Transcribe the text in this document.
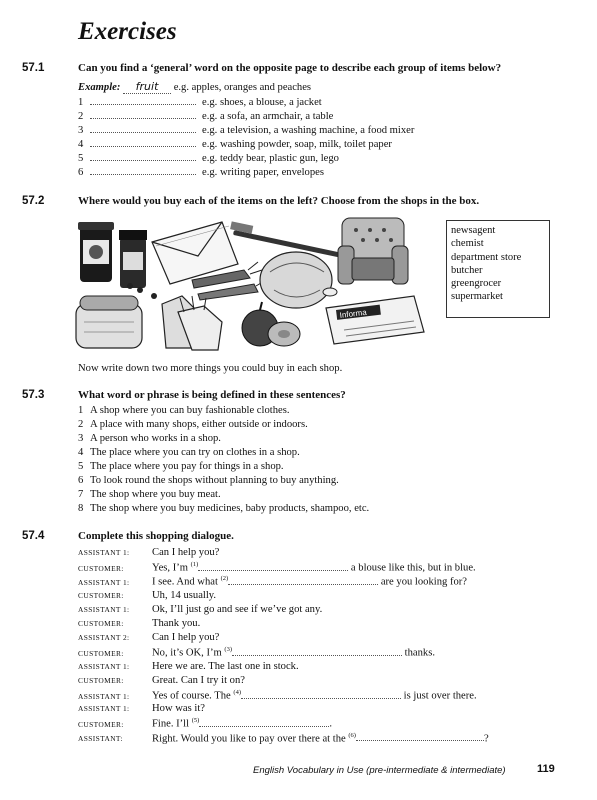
Exercises
57.1	Can you find a ‘general’ word on the opposite page to describe each group of items below?
Example: fruit e.g. apples, oranges and peaches
1	e.g. shoes, a blouse, a jacket
2	e.g. a sofa, an armchair, a table
3	e.g. a television, a washing machine, a food mixer
4	e.g. washing powder, soap, milk, toilet paper
5	e.g. teddy bear, plastic gun, lego
6	e.g. writing paper, envelopes
57.2	Where would you buy each of the items on the left? Choose from the shops in the box.
Informa
newsagent
chemist
department store
butcher
greengrocer
supermarket
Now write down two more things you could buy in each shop.
57.3	What word or phrase is being defined in these sentences?
1 A shop where you can buy fashionable clothes.
2 A place with many shops, either outside or indoors.
3 A person who works in a shop.
4 The place where you can try on clothes in a shop.
5 The place where you pay for things in a shop.
6 To look round the shops without planning to buy anything.
7 The shop where you buy meat.
8 The shop where you buy medicines, baby products, shampoo, etc.
57.4	Complete this shopping dialogue.
ASSISTANT 1: Can I help you?
CUSTOMER:	Yes, I’m $^{(1)}$	a blouse like this, but in blue.
ASSISTANT 1: I see. And what $^{(2)}$	are you looking for?
CUSTOMER:	Uh, 14 usually.
ASSISTANT 1: Ok, I’ll just go and see if we’ve got any.
CUSTOMER:	Thank you.
ASSISTANT 2: Can I help you?
CUSTOMER:	No, it’s OK, I’m $^{(3)}$	thanks.
ASSISTANT 1: Here we are. The last one in stock.
CUSTOMER:	Great. Can I try it on?
ASSISTANT 1: Yes of course. The $^{(4)}$	is just over there.
ASSISTANT 1: How was it?
CUSTOMER:	Fine. I’ll $^{(5)}$	.
ASSISTANT:	Right. Would you like to pay over there at the $^{(6)}$	?
English Vocabulary in Use (pre-intermediate & intermediate)	119
